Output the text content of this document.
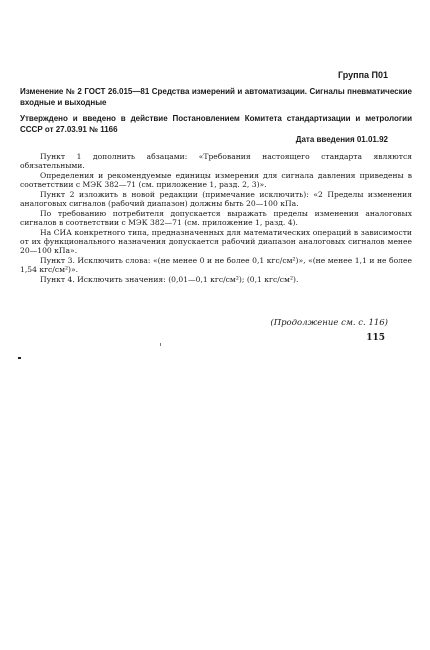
Группа П01
Изменение № 2 ГОСТ 26.015—81 Средства измерений и автоматизации. Сигналы пневматические входные и выходные
Утверждено и введено в действие Постановлением Комитета стандартизации и метрологии СССР от 27.03.91 № 1166
Дата введения 01.01.92

Пункт 1 дополнить абзацами: «Требования настоящего стандарта являются обязательными.

Определения и рекомендуемые единицы измерения для сигнала давления приведены в соответствии с МЭК 382—71 (см. приложение 1, разд. 2, 3)».

Пункт 2 изложить в новой редакции (примечание исключить): «2 Пределы изменения аналоговых сигналов (рабочий диапазон) должны быть 20—100 кПа.

По требованию потребителя допускается выражать пределы изменения аналоговых сигналов в соответствии с МЭК 382—71 (см. приложение 1, разд. 4).

На СИА конкретного типа, предназначенных для математических операций в зависимости от их функционального назначения допускается рабочий диапазон аналоговых сигналов менее 20—100 кПа».

Пункт 3. Исключить слова: «(не менее 0 и не более 0,1 кгс/см²)», «(не менее 1,1 и не более 1,54 кгс/см²)».

Пункт 4. Исключить значения: (0,01—0,1 кгс/см²); (0,1 кгс/см²).

(Продолжение см. с. 116)
115
